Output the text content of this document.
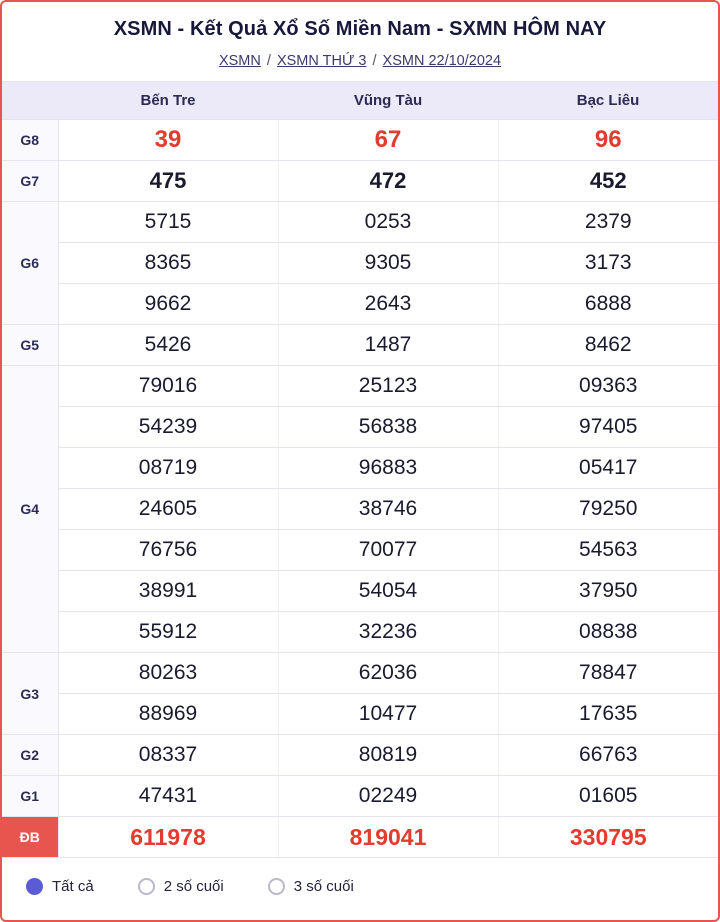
XSMN - Kết Quả Xổ Số Miền Nam - SXMN HÔM NAY
XSMN / XSMN THỨ 3 / XSMN 22/10/2024
	Bến Tre	Vũng Tàu	Bạc Liêu
G8	39	67	96
G7	475	472	452
G6	5715	0253	2379
	8365	9305	3173
	9662	2643	6888
G5	5426	1487	8462
G4	79016	25123	09363
	54239	56838	97405
	08719	96883	05417
	24605	38746	79250
	76756	70077	54563
	38991	54054	37950
	55912	32236	08838
G3	80263	62036	78847
	88969	10477	17635
G2	08337	80819	66763
G1	47431	02249	01605
ĐB	611978	819041	330795
Tất cả	2 số cuối	3 số cuối
